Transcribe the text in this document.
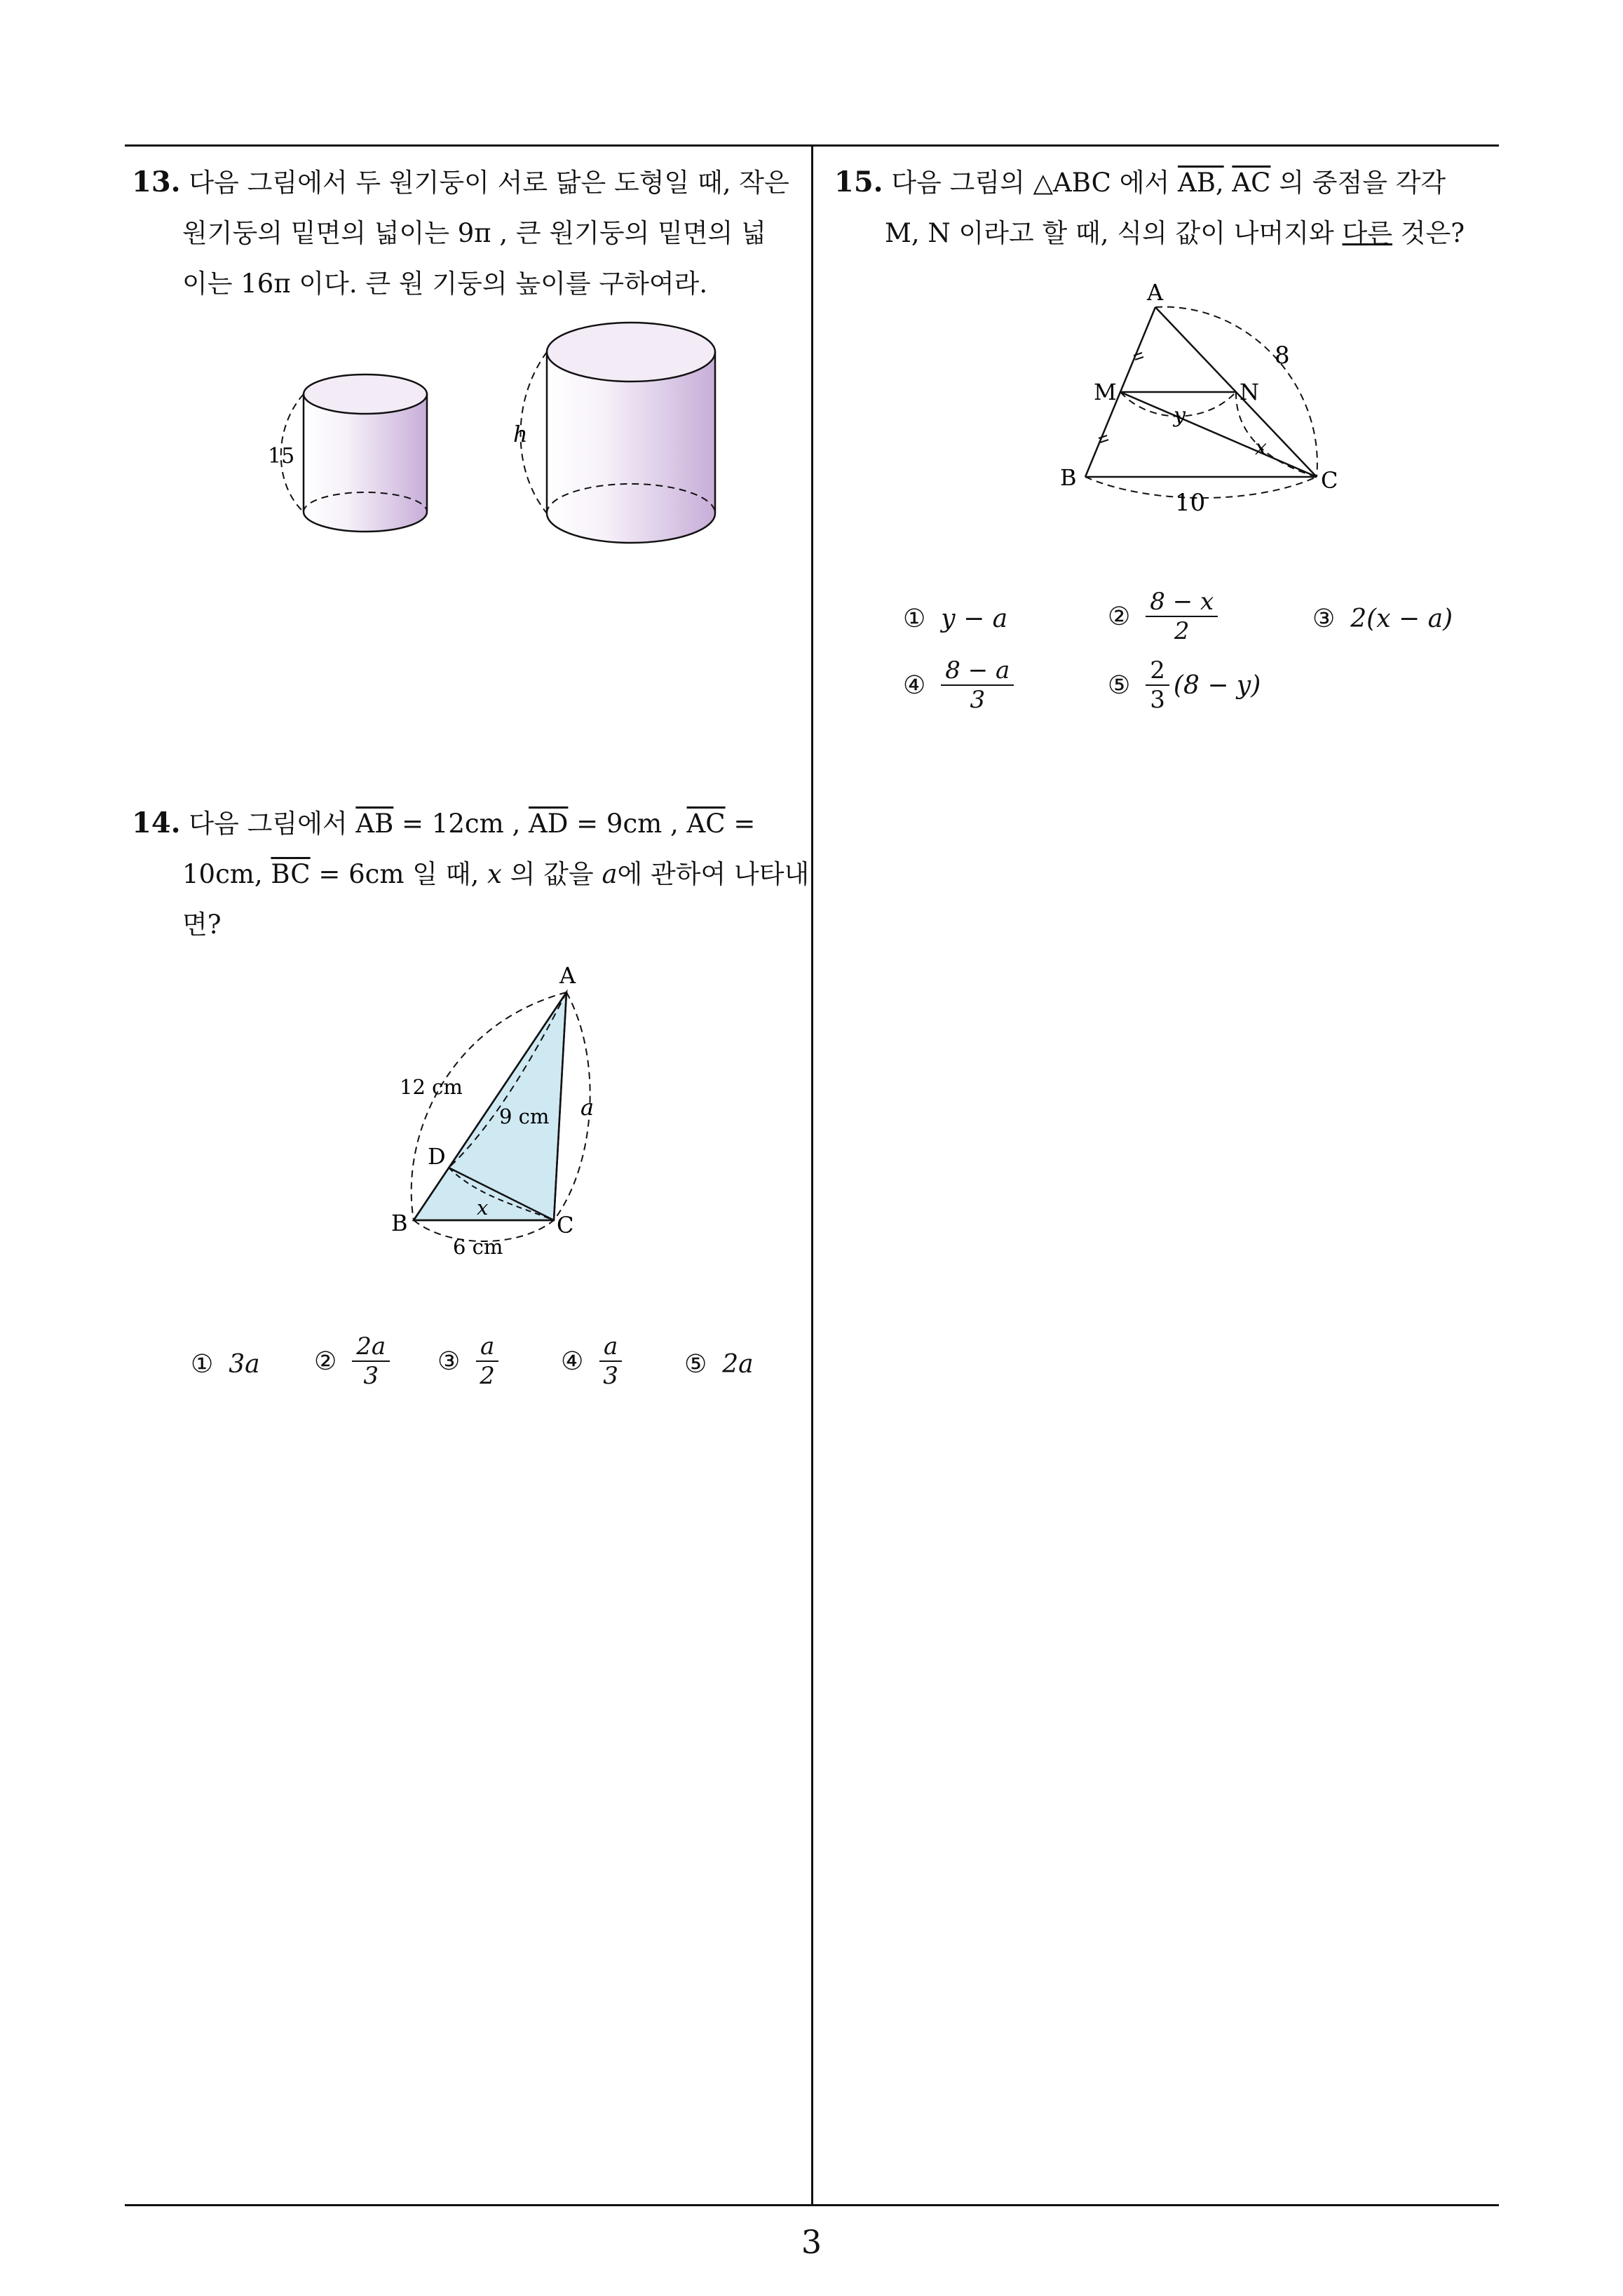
13. 다음 그림에서 두 원기둥이 서로 닮은 도형일 때, 작은
원기둥의 밑면의 넓이는 9π , 큰 원기둥의 밑면의 넓
이는 16π 이다. 큰 원 기둥의 높이를 구하여라.
15
h
14. 다음 그림에서 $\overline{AB} = 12cm$ , $\overline{AD} = 9cm$ , $\overline{AC}$ =
10cm, $\overline{BC} = 6cm$ 일 때, x 의 값을 a에 관하여 나타내
면?
A
B	C
D
12 cm
9 cm a
x
6 cm
① 3a ② $\frac{2a}{3}$ ③ $\frac{a}{2}$ ④ $\frac{a}{3}$ ⑤ 2a
15. 다음 그림의 △ABC 에서 AB, $\overline{AC}$ 의 중점을 각각
M, N 이라고 할 때, 식의 값이 나머지와 다른 것은?
A
M	N
B	C
8
y
x
10
① y − a	② $\frac{8 - x}{2}$	③ 2(x − a)
④ $\frac{8 - a}{3}$	⑤ $\frac{2}{3} (8 - y)$
3
